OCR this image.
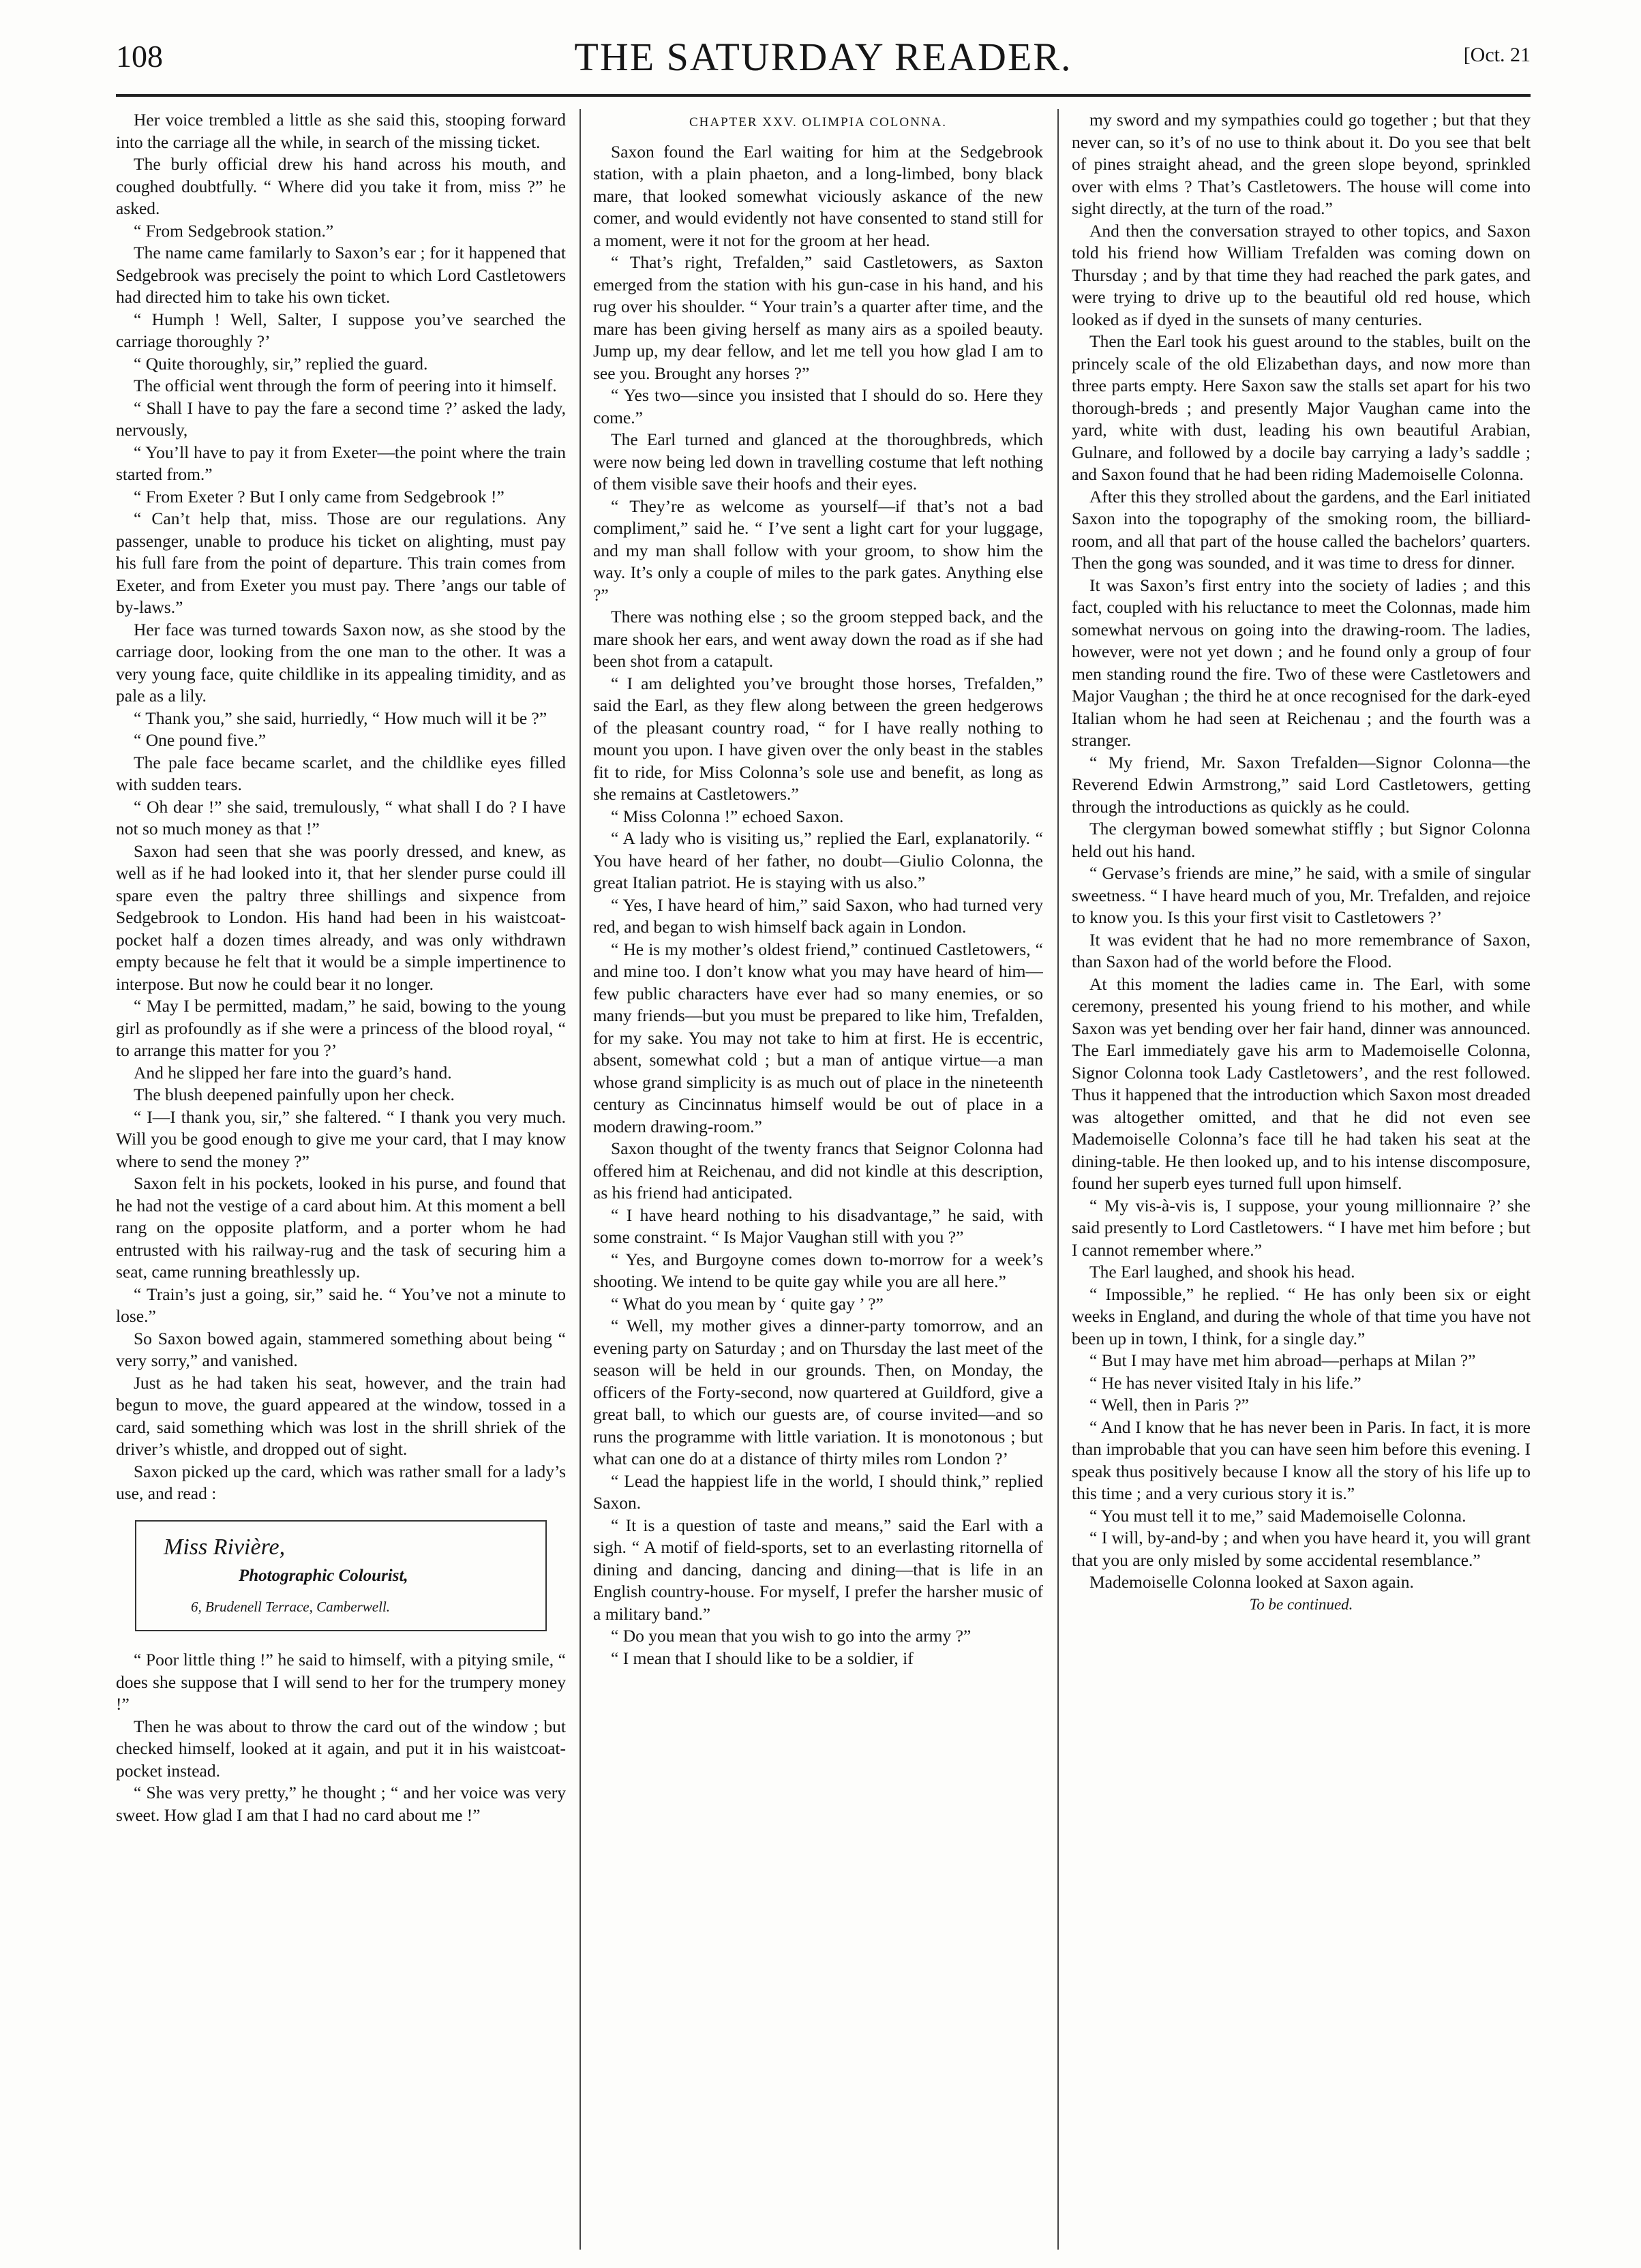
108	THE SATURDAY READER.	[Oct. 21

Her voice trembled a little as she said this, stooping forward into the carriage all the while, in search of the missing ticket.

The burly official drew his hand across his mouth, and coughed doubtfully. “ Where did you take it from, miss ?” he asked.

“ From Sedgebrook station.”

The name came familarly to Saxon’s ear ; for it happened that Sedgebrook was precisely the point to which Lord Castletowers had directed him to take his own ticket.

“ Humph ! Well, Salter, I suppose you’ve searched the carriage thoroughly ?’

“ Quite thoroughly, sir,” replied the guard.

The official went through the form of peering into it himself.

“ Shall I have to pay the fare a second time ?’ asked the lady, nervously,

“ You’ll have to pay it from Exeter—the point where the train started from.”

“ From Exeter ? But I only came from Sedgebrook !”

“ Can’t help that, miss. Those are our regulations. Any passenger, unable to produce his ticket on alighting, must pay his full fare from the point of departure. This train comes from Exeter, and from Exeter you must pay. There ’angs our table of by-laws.”

Her face was turned towards Saxon now, as she stood by the carriage door, looking from the one man to the other. It was a very young face, quite childlike in its appealing timidity, and as pale as a lily.

“ Thank you,” she said, hurriedly, “ How much will it be ?”

“ One pound five.”

The pale face became scarlet, and the childlike eyes filled with sudden tears.

“ Oh dear !” she said, tremulously, “ what shall I do ? I have not so much money as that !”

Saxon had seen that she was poorly dressed, and knew, as well as if he had looked into it, that her slender purse could ill spare even the paltry three shillings and sixpence from Sedgebrook to London. His hand had been in his waistcoat-pocket half a dozen times already, and was only withdrawn empty because he felt that it would be a simple impertinence to interpose. But now he could bear it no longer.

“ May I be permitted, madam,” he said, bowing to the young girl as profoundly as if she were a princess of the blood royal, “ to arrange this matter for you ?’

And he slipped her fare into the guard’s hand.

The blush deepened painfully upon her check.

“ I—I thank you, sir,” she faltered. “ I thank you very much. Will you be good enough to give me your card, that I may know where to send the money ?”

Saxon felt in his pockets, looked in his purse, and found that he had not the vestige of a card about him. At this moment a bell rang on the opposite platform, and a porter whom he had entrusted with his railway-rug and the task of securing him a seat, came running breathlessly up.

“ Train’s just a going, sir,” said he. “ You’ve not a minute to lose.”

So Saxon bowed again, stammered something about being “ very sorry,” and vanished.

Just as he had taken his seat, however, and the train had begun to move, the guard appeared at the window, tossed in a card, said something which was lost in the shrill shriek of the driver’s whistle, and dropped out of sight.

Saxon picked up the card, which was rather small for a lady’s use, and read :

Miss Rivière,
Photographic Colourist,
6, Brudenell Terrace, Camberwell.

“ Poor little thing !” he said to himself, with a pitying smile, “ does she suppose that I will send to her for the trumpery money !”

Then he was about to throw the card out of the window ; but checked himself, looked at it again, and put it in his waistcoat-pocket instead.

“ She was very pretty,” he thought ; “ and her voice was very sweet. How glad I am that I had no card about me !”

CHAPTER XXV. OLIMPIA COLONNA.

Saxon found the Earl waiting for him at the Sedgebrook station, with a plain phaeton, and a long-limbed, bony black mare, that looked somewhat viciously askance of the new comer, and would evidently not have consented to stand still for a moment, were it not for the groom at her head.

“ That’s right, Trefalden,” said Castletowers, as Saxton emerged from the station with his gun-case in his hand, and his rug over his shoulder. “ Your train’s a quarter after time, and the mare has been giving herself as many airs as a spoiled beauty. Jump up, my dear fellow, and let me tell you how glad I am to see you. Brought any horses ?”

“ Yes two—since you insisted that I should do so. Here they come.”

The Earl turned and glanced at the thoroughbreds, which were now being led down in travelling costume that left nothing of them visible save their hoofs and their eyes.

“ They’re as welcome as yourself—if that’s not a bad compliment,” said he. “ I’ve sent a light cart for your luggage, and my man shall follow with your groom, to show him the way. It’s only a couple of miles to the park gates. Anything else ?”

There was nothing else ; so the groom stepped back, and the mare shook her ears, and went away down the road as if she had been shot from a catapult.

“ I am delighted you’ve brought those horses, Trefalden,” said the Earl, as they flew along between the green hedgerows of the pleasant country road, “ for I have really nothing to mount you upon. I have given over the only beast in the stables fit to ride, for Miss Colonna’s sole use and benefit, as long as she remains at Castletowers.”

“ Miss Colonna !” echoed Saxon.

“ A lady who is visiting us,” replied the Earl, explanatorily. “ You have heard of her father, no doubt—Giulio Colonna, the great Italian patriot. He is staying with us also.”

“ Yes, I have heard of him,” said Saxon, who had turned very red, and began to wish himself back again in London.

“ He is my mother’s oldest friend,” continued Castletowers, “ and mine too. I don’t know what you may have heard of him—few public characters have ever had so many enemies, or so many friends—but you must be prepared to like him, Trefalden, for my sake. You may not take to him at first. He is eccentric, absent, somewhat cold ; but a man of antique virtue—a man whose grand simplicity is as much out of place in the nineteenth century as Cincinnatus himself would be out of place in a modern drawing-room.”

Saxon thought of the twenty francs that Seignor Colonna had offered him at Reichenau, and did not kindle at this description, as his friend had anticipated.

“ I have heard nothing to his disadvantage,” he said, with some constraint. “ Is Major Vaughan still with you ?”

“ Yes, and Burgoyne comes down to-morrow for a week’s shooting. We intend to be quite gay while you are all here.”

“ What do you mean by ‘ quite gay ’ ?”

“ Well, my mother gives a dinner-party tomorrow, and an evening party on Saturday ; and on Thursday the last meet of the season will be held in our grounds. Then, on Monday, the officers of the Forty-second, now quartered at Guildford, give a great ball, to which our guests are, of course invited—and so runs the programme with little variation. It is monotonous ; but what can one do at a distance of thirty miles rom London ?’

“ Lead the happiest life in the world, I should think,” replied Saxon.

“ It is a question of taste and means,” said the Earl with a sigh. “ A motif of field-sports, set to an everlasting ritornella of dining and dancing, dancing and dining—that is life in an English country-house. For myself, I prefer the harsher music of a military band.”

“ Do you mean that you wish to go into the army ?”

“ I mean that I should like to be a soldier, if

my sword and my sympathies could go together ; but that they never can, so it’s of no use to think about it. Do you see that belt of pines straight ahead, and the green slope beyond, sprinkled over with elms ? That’s Castletowers. The house will come into sight directly, at the turn of the road.”

And then the conversation strayed to other topics, and Saxon told his friend how William Trefalden was coming down on Thursday ; and by that time they had reached the park gates, and were trying to drive up to the beautiful old red house, which looked as if dyed in the sunsets of many centuries.

Then the Earl took his guest around to the stables, built on the princely scale of the old Elizabethan days, and now more than three parts empty. Here Saxon saw the stalls set apart for his two thorough-breds ; and presently Major Vaughan came into the yard, white with dust, leading his own beautiful Arabian, Gulnare, and followed by a docile bay carrying a lady’s saddle ; and Saxon found that he had been riding Mademoiselle Colonna.

After this they strolled about the gardens, and the Earl initiated Saxon into the topography of the smoking room, the billiard-room, and all that part of the house called the bachelors’ quarters. Then the gong was sounded, and it was time to dress for dinner.

It was Saxon’s first entry into the society of ladies ; and this fact, coupled with his reluctance to meet the Colonnas, made him somewhat nervous on going into the drawing-room. The ladies, however, were not yet down ; and he found only a group of four men standing round the fire. Two of these were Castletowers and Major Vaughan ; the third he at once recognised for the dark-eyed Italian whom he had seen at Reichenau ; and the fourth was a stranger.

“ My friend, Mr. Saxon Trefalden—Signor Colonna—the Reverend Edwin Armstrong,” said Lord Castletowers, getting through the introductions as quickly as he could.

The clergyman bowed somewhat stiffly ; but Signor Colonna held out his hand.

“ Gervase’s friends are mine,” he said, with a smile of singular sweetness. “ I have heard much of you, Mr. Trefalden, and rejoice to know you. Is this your first visit to Castletowers ?’

It was evident that he had no more remembrance of Saxon, than Saxon had of the world before the Flood.

At this moment the ladies came in. The Earl, with some ceremony, presented his young friend to his mother, and while Saxon was yet bending over her fair hand, dinner was announced. The Earl immediately gave his arm to Mademoiselle Colonna, Signor Colonna took Lady Castletowers’, and the rest followed. Thus it happened that the introduction which Saxon most dreaded was altogether omitted, and that he did not even see Mademoiselle Colonna’s face till he had taken his seat at the dining-table. He then looked up, and to his intense discomposure, found her superb eyes turned full upon himself.

“ My vis-à-vis is, I suppose, your young millionnaire ?’ she said presently to Lord Castletowers. “ I have met him before ; but I cannot remember where.”

The Earl laughed, and shook his head.

“ Impossible,” he replied. “ He has only been six or eight weeks in England, and during the whole of that time you have not been up in town, I think, for a single day.”

“ But I may have met him abroad—perhaps at Milan ?”

“ He has never visited Italy in his life.”

“ Well, then in Paris ?”

“ And I know that he has never been in Paris. In fact, it is more than improbable that you can have seen him before this evening. I speak thus positively because I know all the story of his life up to this time ; and a very curious story it is.”

“ You must tell it to me,” said Mademoiselle Colonna.

“ I will, by-and-by ; and when you have heard it, you will grant that you are only misled by some accidental resemblance.”

Mademoiselle Colonna looked at Saxon again.

To be continued.
